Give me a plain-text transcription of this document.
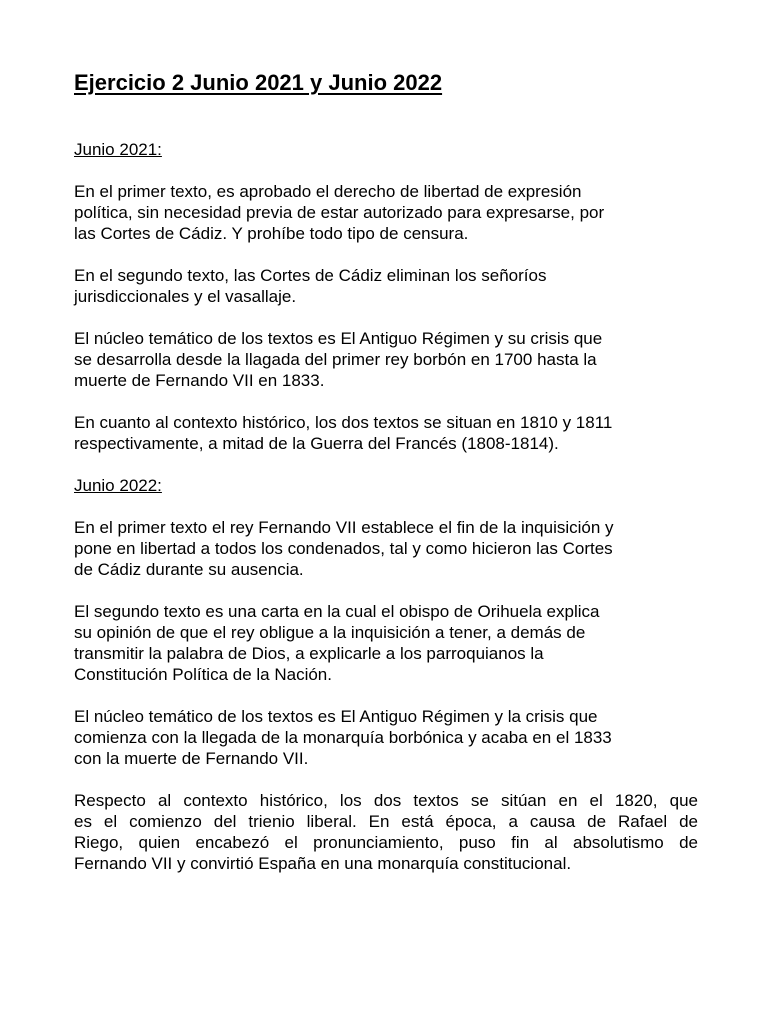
Ejercicio 2 Junio 2021 y Junio 2022

Junio 2021:

En el primer texto, es aprobado el derecho de libertad de expresión
política, sin necesidad previa de estar autorizado para expresarse, por
las Cortes de Cádiz. Y prohíbe todo tipo de censura.

En el segundo texto, las Cortes de Cádiz eliminan los señoríos
jurisdiccionales y el vasallaje.

El núcleo temático de los textos es El Antiguo Régimen y su crisis que
se desarrolla desde la llagada del primer rey borbón en 1700 hasta la
muerte de Fernando VII en 1833.

En cuanto al contexto histórico, los dos textos se situan en 1810 y 1811
respectivamente, a mitad de la Guerra del Francés (1808-1814).

Junio 2022:

En el primer texto el rey Fernando VII establece el fin de la inquisición y
pone en libertad a todos los condenados, tal y como hicieron las Cortes
de Cádiz durante su ausencia.

El segundo texto es una carta en la cual el obispo de Orihuela explica
su opinión de que el rey obligue a la inquisición a tener, a demás de
transmitir la palabra de Dios, a explicarle a los parroquianos la
Constitución Política de la Nación.

El núcleo temático de los textos es El Antiguo Régimen y la crisis que
comienza con la llegada de la monarquía borbónica y acaba en el 1833
con la muerte de Fernando VII.

Respecto al contexto histórico, los dos textos se sitúan en el 1820, que
es el comienzo del trienio liberal. En está época, a causa de Rafael de
Riego, quien encabezó el pronunciamiento, puso fin al absolutismo de
Fernando VII y convirtió España en una monarquía constitucional.
